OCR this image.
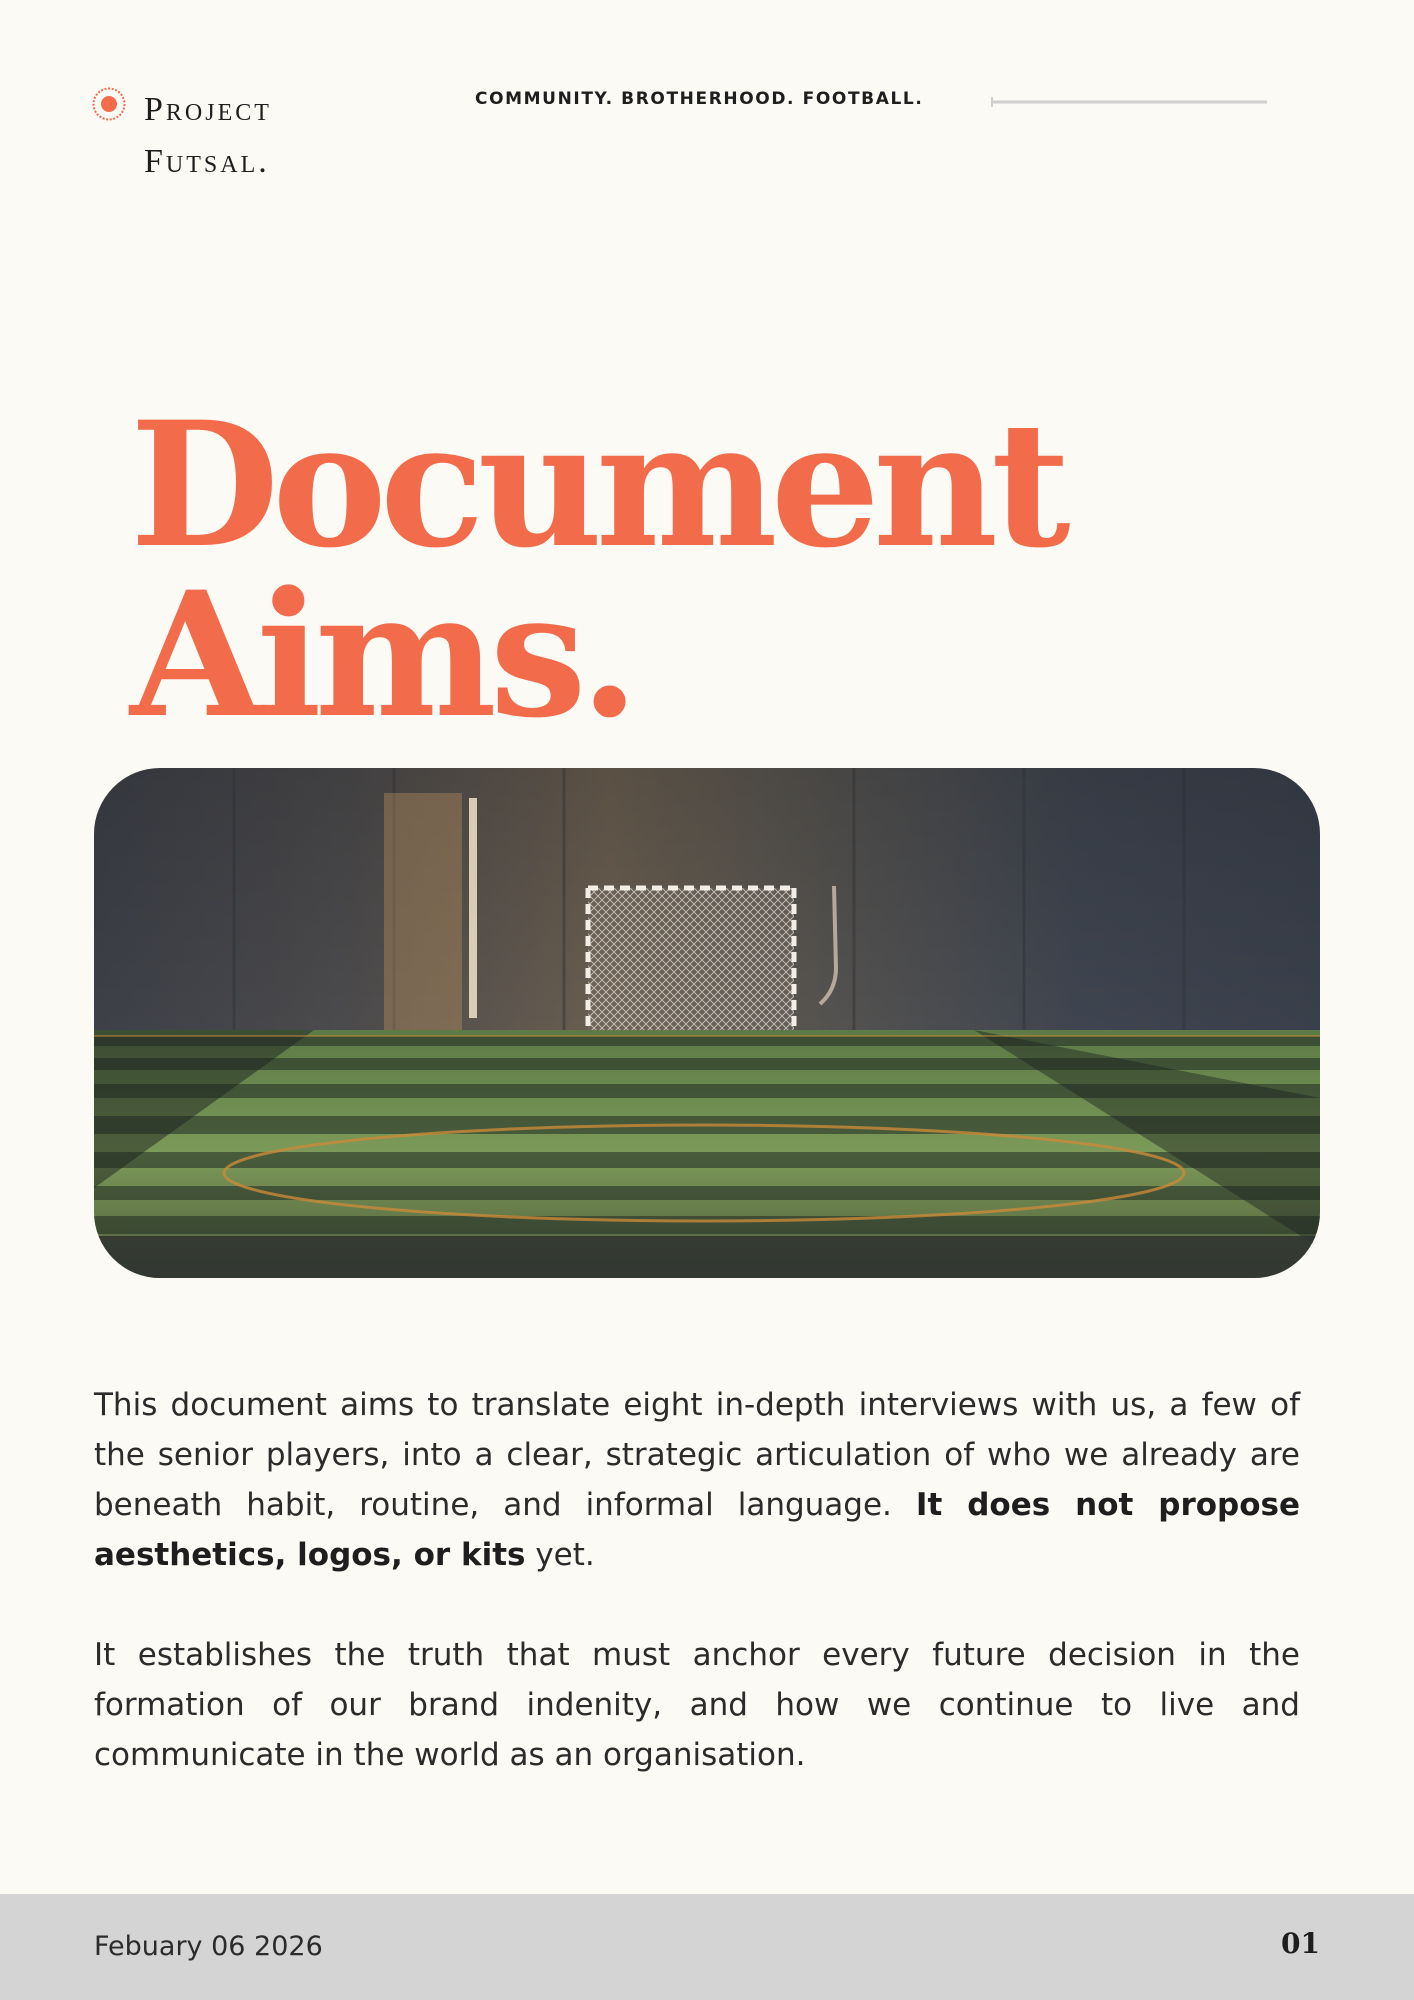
Project
Futsal.
COMMUNITY. BROTHERHOOD. FOOTBALL.
Document
Aims.

This document aims to translate eight in-depth interviews with us, a few of the senior players, into a clear, strategic articulation of who we already are beneath habit, routine, and informal language. It does not propose aesthetics, logos, or kits yet.

It establishes the truth that must anchor every future decision in the formation of our brand indenity, and how we continue to live and communicate in the world as an organisation.

Febuary 06 2026	01
